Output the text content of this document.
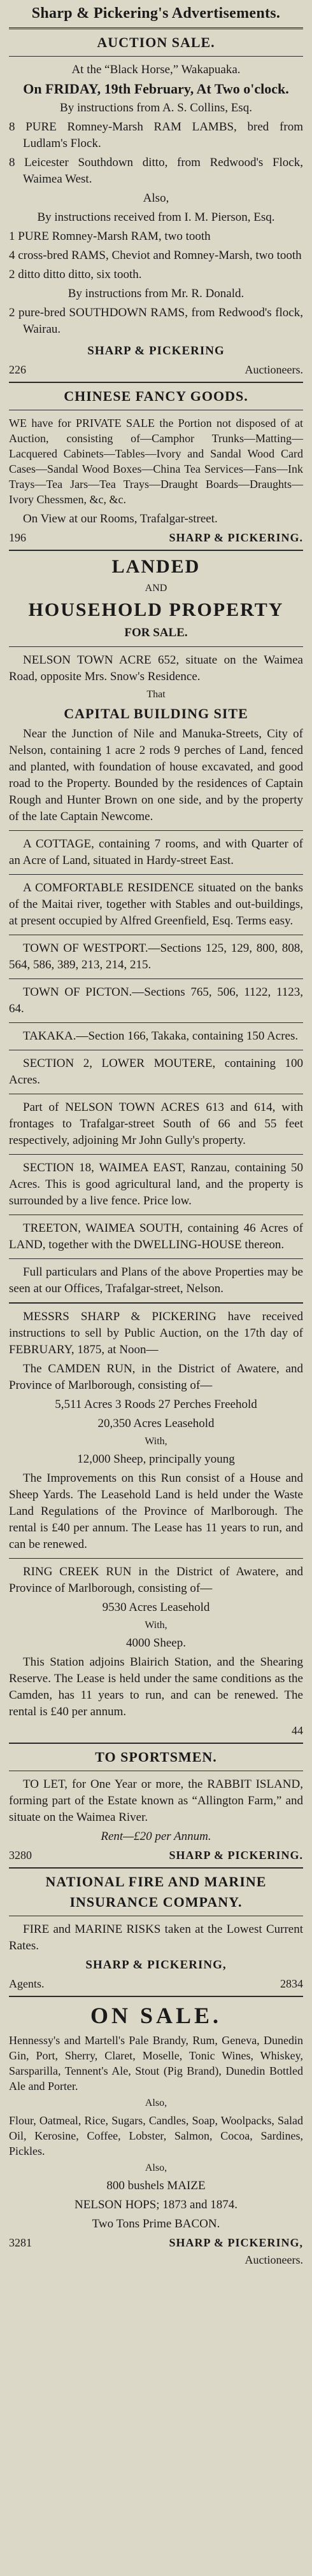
Sharp & Pickering's Advertisements.
AUCTION SALE.
At the “Black Horse,” Wakapuaka.
On FRIDAY, 19th February, At Two o'clock.
By instructions from A. S. Collins, Esq.
8 PURE Romney-Marsh RAM LAMBS, bred from Ludlam's Flock.
8 Leicester Southdown ditto, from Redwood's Flock, Waimea West.
Also,
By instructions received from I. M. Pierson, Esq.
1 PURE Romney-Marsh RAM, two tooth
4 cross-bred RAMS, Cheviot and Romney-Marsh, two tooth
2 ditto ditto ditto, six tooth.
By instructions from Mr. R. Donald.
2 pure-bred SOUTHDOWN RAMS, from Redwood's flock, Wairau.
SHARP & PICKERING
226	Auctioneers.
CHINESE FANCY GOODS.
WE have for PRIVATE SALE the Portion not disposed of at Auction, consisting of—Camphor Trunks—Matting—Lacquered Cabinets—Tables—Ivory and Sandal Wood Card Cases—Sandal Wood Boxes—China Tea Services—Fans—Ink Trays—Tea Jars—Tea Trays—Draught Boards—Draughts—Ivory Chessmen, &c, &c.
On View at our Rooms, Trafalgar-street.
196	SHARP & PICKERING.
LANDED
AND
HOUSEHOLD PROPERTY
FOR SALE.
NELSON TOWN ACRE 652, situate on the Waimea Road, opposite Mrs. Snow's Residence.
That
CAPITAL BUILDING SITE
Near the Junction of Nile and Manuka-Streets, City of Nelson, containing 1 acre 2 rods 9 perches of Land, fenced and planted, with foundation of house excavated, and good road to the Property. Bounded by the residences of Captain Rough and Hunter Brown on one side, and by the property of the late Captain Newcome.
A COTTAGE, containing 7 rooms, and with Quarter of an Acre of Land, situated in Hardy-street East.
A COMFORTABLE RESIDENCE situated on the banks of the Maitai river, together with Stables and out-buildings, at present occupied by Alfred Greenfield, Esq. Terms easy.
TOWN OF WESTPORT.—Sections 125, 129, 800, 808, 564, 586, 389, 213, 214, 215.
TOWN OF PICTON.—Sections 765, 506, 1122, 1123, 64.
TAKAKA.—Section 166, Takaka, containing 150 Acres.
SECTION 2, LOWER MOUTERE, containing 100 Acres.
Part of NELSON TOWN ACRES 613 and 614, with frontages to Trafalgar-street South of 66 and 55 feet respectively, adjoining Mr John Gully's property.
SECTION 18, WAIMEA EAST, Ranzau, containing 50 Acres. This is good agricultural land, and the property is surrounded by a live fence. Price low.
TREETON, WAIMEA SOUTH, containing 46 Acres of LAND, together with the DWELLING-HOUSE thereon.
Full particulars and Plans of the above Properties may be seen at our Offices, Trafalgar-street, Nelson.
MESSRS SHARP & PICKERING have received instructions to sell by Public Auction, on the 17th day of FEBRUARY, 1875, at Noon—
The CAMDEN RUN, in the District of Awatere, and Province of Marlborough, consisting of—
5,511 Acres 3 Roods 27 Perches Freehold
20,350 Acres Leasehold
With,
12,000 Sheep, principally young
The Improvements on this Run consist of a House and Sheep Yards. The Leasehold Land is held under the Waste Land Regulations of the Province of Marlborough. The rental is £40 per annum. The Lease has 11 years to run, and can be renewed.
RING CREEK RUN in the District of Awatere, and Province of Marlborough, consisting of—
9530 Acres Leasehold
With,
4000 Sheep.
This Station adjoins Blairich Station, and the Shearing Reserve. The Lease is held under the same conditions as the Camden, has 11 years to run, and can be renewed. The rental is £40 per annum.
44
TO SPORTSMEN.
TO LET, for One Year or more, the RABBIT ISLAND, forming part of the Estate known as “Allington Farm,” and situate on the Waimea River.
Rent—£20 per Annum.
3280	SHARP & PICKERING.
NATIONAL FIRE AND MARINE
INSURANCE COMPANY.
FIRE and MARINE RISKS taken at the Lowest Current Rates.
SHARP & PICKERING,
Agents.	2834
ON SALE.
Hennessy's and Martell's Pale Brandy, Rum, Geneva, Dunedin Gin, Port, Sherry, Claret, Moselle, Tonic Wines, Whiskey, Sarsparilla, Tennent's Ale, Stout (Pig Brand), Dunedin Bottled Ale and Porter.
Also,
Flour, Oatmeal, Rice, Sugars, Candles, Soap, Woolpacks, Salad Oil, Kerosine, Coffee, Lobster, Salmon, Cocoa, Sardines, Pickles.
Also,
800 bushels MAIZE
NELSON HOPS; 1873 and 1874.
Two Tons Prime BACON.
3281	SHARP & PICKERING,
Auctioneers.
